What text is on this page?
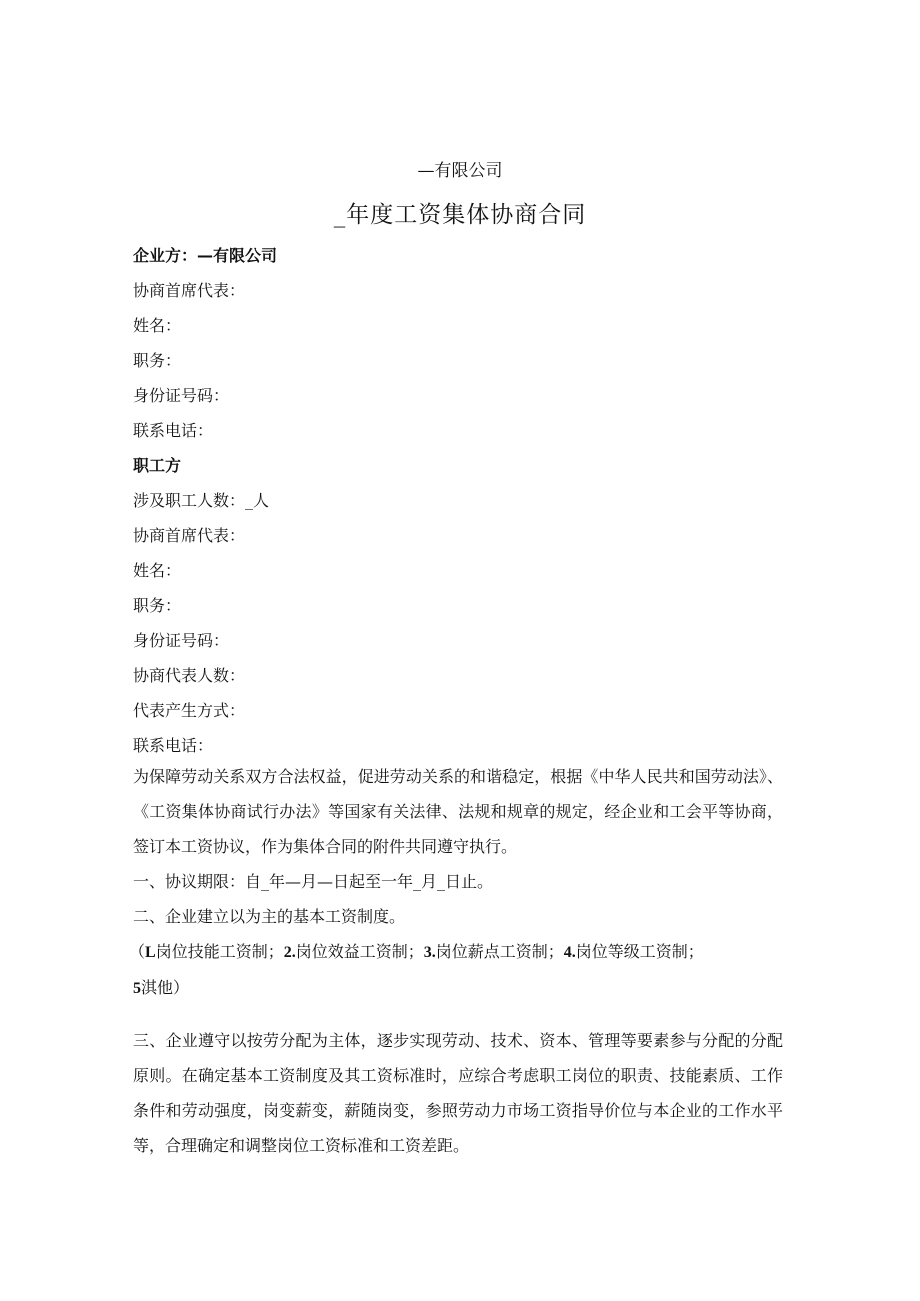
—有限公司
_年度工资集体协商合同
企业方：—有限公司
协商首席代表：
姓名：
职务：
身份证号码：
联系电话：
职工方
涉及职工人数：_人
协商首席代表：
姓名：
职务：
身份证号码：
协商代表人数：
代表产生方式：
联系电话：

为保障劳动关系双方合法权益，促进劳动关系的和谐稳定，根据《中华人民共和国劳动法》、《工资集体协商试行办法》等国家有关法律、法规和规章的规定，经企业和工会平等协商，签订本工资协议，作为集体合同的附件共同遵守执行。

一、协议期限：自_年—月—日起至一年_月_日止。
二、企业建立以为主的基本工资制度。
（L岗位技能工资制；2.岗位效益工资制；3.岗位薪点工资制；4.岗位等级工资制；
5淇他）

三、企业遵守以按劳分配为主体，逐步实现劳动、技术、资本、管理等要素参与分配的分配原则。在确定基本工资制度及其工资标准时，应综合考虑职工岗位的职责、技能素质、工作条件和劳动强度，岗变薪变，薪随岗变，参照劳动力市场工资指导价位与本企业的工作水平等，合理确定和调整岗位工资标准和工资差距。
